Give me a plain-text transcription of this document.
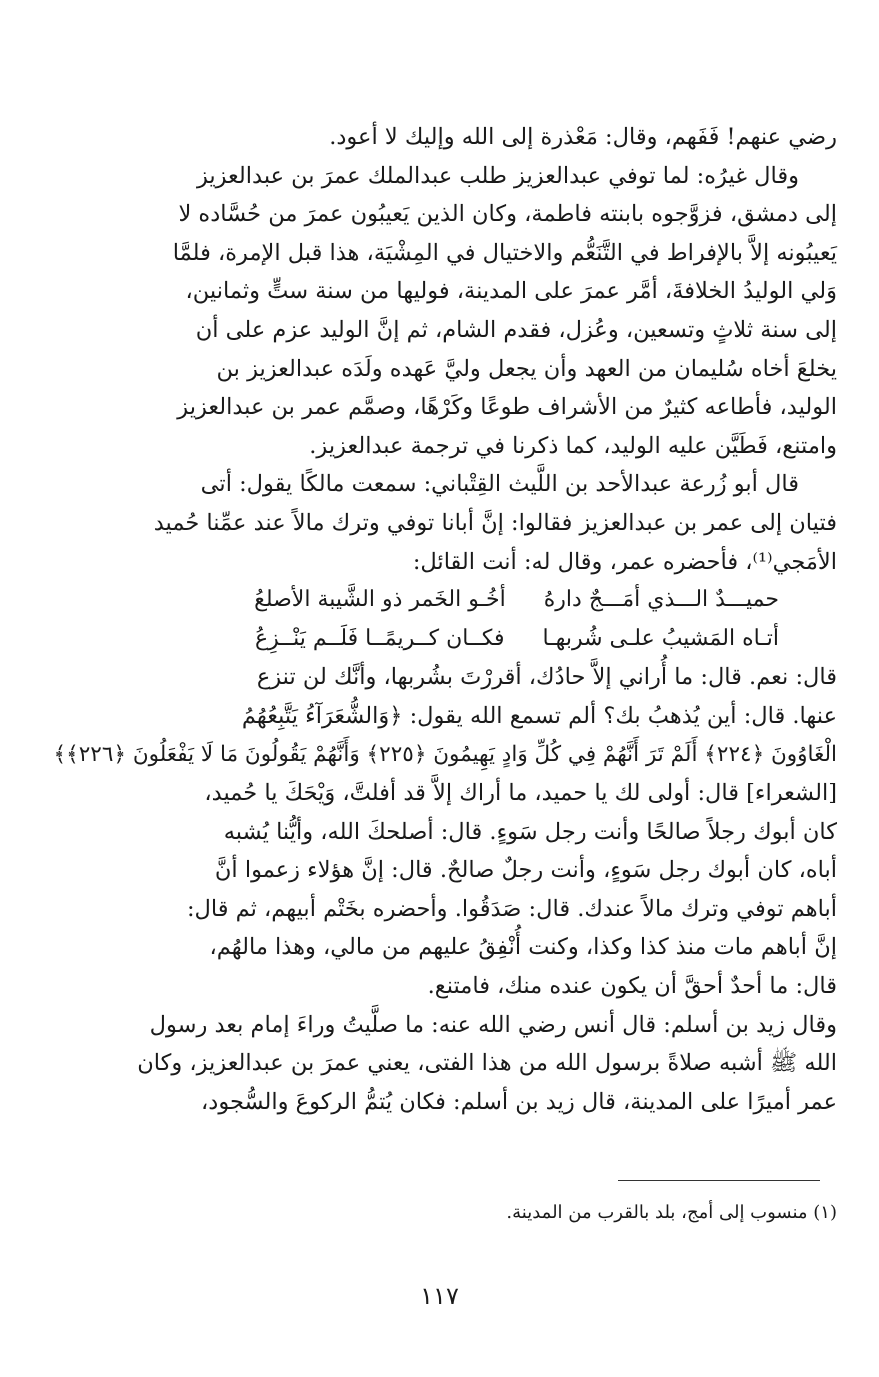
رضي عنهم! فَفَهم، وقال: مَعْذرة إلى الله وإليك لا أعود.
وقال غيرُه: لما توفي عبدالعزيز طلب عبدالملك عمرَ بن عبدالعزيز
إلى دمشق، فزوَّجوه بابنته فاطمة، وكان الذين يَعيبُون عمرَ من حُسَّاده لا
يَعيبُونه إلاَّ بالإفراط في التَّنَعُّم والاختيال في المِشْيَة، هذا قبل الإمرة، فلمَّا
وَلي الوليدُ الخلافةَ، أمَّر عمرَ على المدينة، فوليها من سنة ستٍّ وثمانين،
إلى سنة ثلاثٍ وتسعين، وعُزل، فقدم الشام، ثم إنَّ الوليد عزم على أن
يخلعَ أخاه سُليمان من العهد وأن يجعل وليَّ عَهده ولَدَه عبدالعزيز بن
الوليد، فأطاعه كثيرٌ من الأشراف طوعًا وكَرْهًا، وصمَّم عمر بن عبدالعزيز
وامتنع، فَطَيَّن عليه الوليد، كما ذكرنا في ترجمة عبدالعزيز.
قال أبو زُرعة عبدالأحد بن اللَّيث القِتْباني: سمعت مالكًا يقول: أتى
فتيان إلى عمر بن عبدالعزيز فقالوا: إنَّ أبانا توفي وترك مالاً عند عمِّنا حُميد
الأمَجي⁽¹⁾، فأحضره عمر، وقال له: أنت القائل:
حميـــدٌ الـــذي أمَـــجٌ دارهُ  أخُـو الخَمر ذو الشَّيبة الأصلعُ
أتـاه المَشيبُ علـى شُربهـا  فكــان كــريمًــا فَلَــم يَنْــزِعُ
قال: نعم. قال: ما أُراني إلاَّ حادُك، أقررْتَ بشُربها، وأنَّك لن تنزع
عنها. قال: أين يُذهبُ بك؟ ألم تسمع الله يقول: ﴿وَالشُّعَرَآءُ يَتَّبِعُهُمُ
الْغَاوُونَ ﴿٢٢٤﴾ أَلَمْ تَرَ أَنَّهُمْ فِي كُلِّ وَادٍ يَهِيمُونَ ﴿٢٢٥﴾ وَأَنَّهُمْ يَقُولُونَ مَا لَا يَفْعَلُونَ ﴿٢٢٦﴾﴾
[الشعراء] قال: أولى لك يا حميد، ما أراك إلاَّ قد أفلتَّ، وَيْحَكَ يا حُميد،
كان أبوك رجلاً صالحًا وأنت رجل سَوءٍ. قال: أصلحكَ الله، وأيُّنا يُشبه
أباه، كان أبوك رجل سَوءٍ، وأنت رجلٌ صالحٌ. قال: إنَّ هؤلاء زعموا أنَّ
أباهم توفي وترك مالاً عندك. قال: صَدَقُوا. وأحضره بخَتْم أبيهم، ثم قال:
إنَّ أباهم مات منذ كذا وكذا، وكنت أُنْفِقُ عليهم من مالي، وهذا مالهُم،
قال: ما أحدٌ أحقَّ أن يكون عنده منك، فامتنع.
وقال زيد بن أسلم: قال أنس رضي الله عنه: ما صلَّيتُ وراءَ إمام بعد رسول
الله ﷺ أشبه صلاةً برسول الله من هذا الفتى، يعني عمرَ بن عبدالعزيز، وكان
عمر أميرًا على المدينة، قال زيد بن أسلم: فكان يُتمُّ الركوعَ والسُّجود،
(١) منسوب إلى أمج، بلد بالقرب من المدينة.
١١٧
